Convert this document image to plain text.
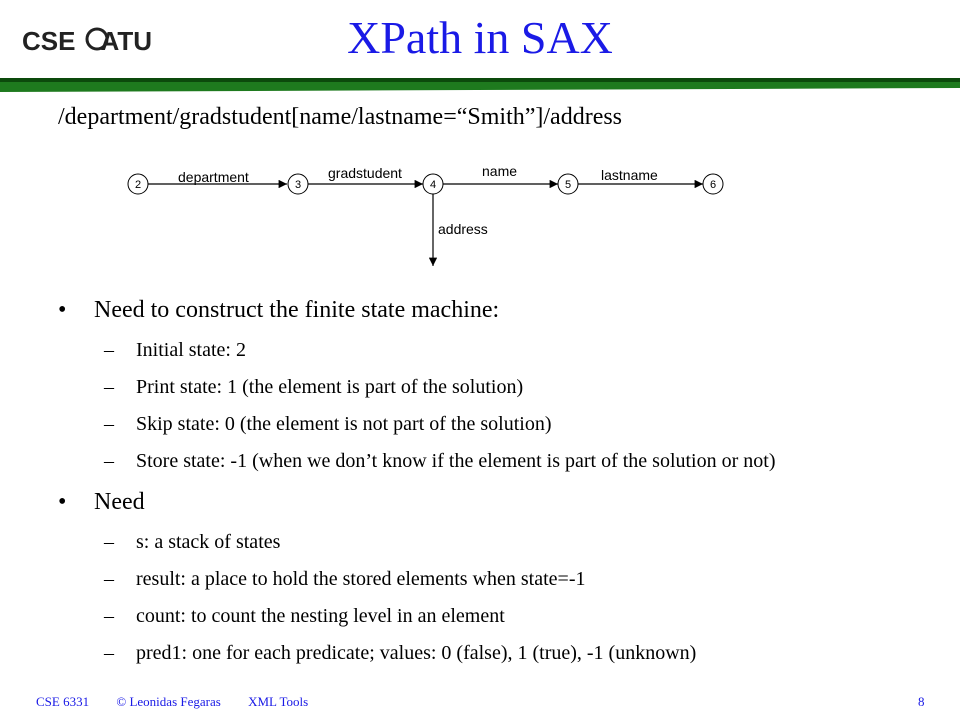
CSE UTA	XPath in SAX
/department/gradstudent[name/lastname=“Smith”]/address
2	3	4	5	6
department	gradstudent	name	lastname
address
• Need to construct the finite state machine:
– Initial state: 2
– Print state: 1 (the element is part of the solution)
– Skip state: 0 (the element is not part of the solution)
– Store state: -1 (when we don’t know if the element is part of the solution or not)
• Need
– s: a stack of states
– result: a place to hold the stored elements when state=-1
– count: to count the nesting level in an element
– pred1: one for each predicate; values: 0 (false), 1 (true), -1 (unknown)
CSE 6331 © Leonidas Fegaras XML Tools	8
